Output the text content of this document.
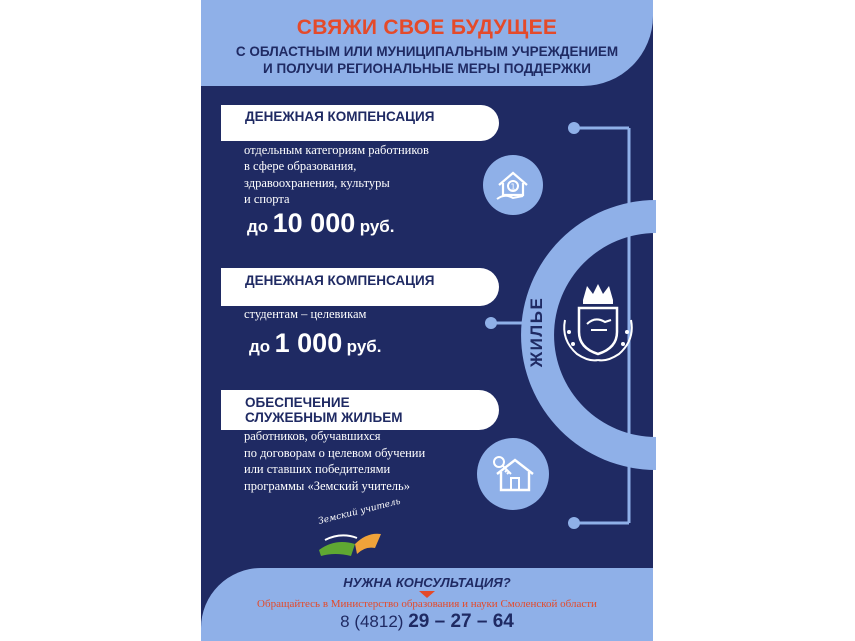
СВЯЖИ СВОЕ БУДУЩЕЕ
С ОБЛАСТНЫМ ИЛИ МУНИЦИПАЛЬНЫМ УЧРЕЖДЕНИЕМ
И ПОЛУЧИ РЕГИОНАЛЬНЫЕ МЕРЫ ПОДДЕРЖКИ
ЖИЛЬЕ
ДЕНЕЖНАЯ КОМПЕНСАЦИЯ
за наем жилого помещения
отдельным категориям работников
в сфере образования,
здравоохранения, культуры
и спорта
до 10 000 руб.
1
ДЕНЕЖНАЯ КОМПЕНСАЦИЯ
по оплате жилого помещения
студентам – целевикам
до 1 000 руб.
ОБЕСПЕЧЕНИЕ
СЛУЖЕБНЫМ ЖИЛЬЕМ
работников, обучавшихся
по договорам о целевом обучении
или ставших победителями
программы «Земский учитель»
Земский учитель
НУЖНА КОНСУЛЬТАЦИЯ?
Обращайтесь в Министерство образования и науки Смоленской области
8 (4812) 29 – 27 – 64
